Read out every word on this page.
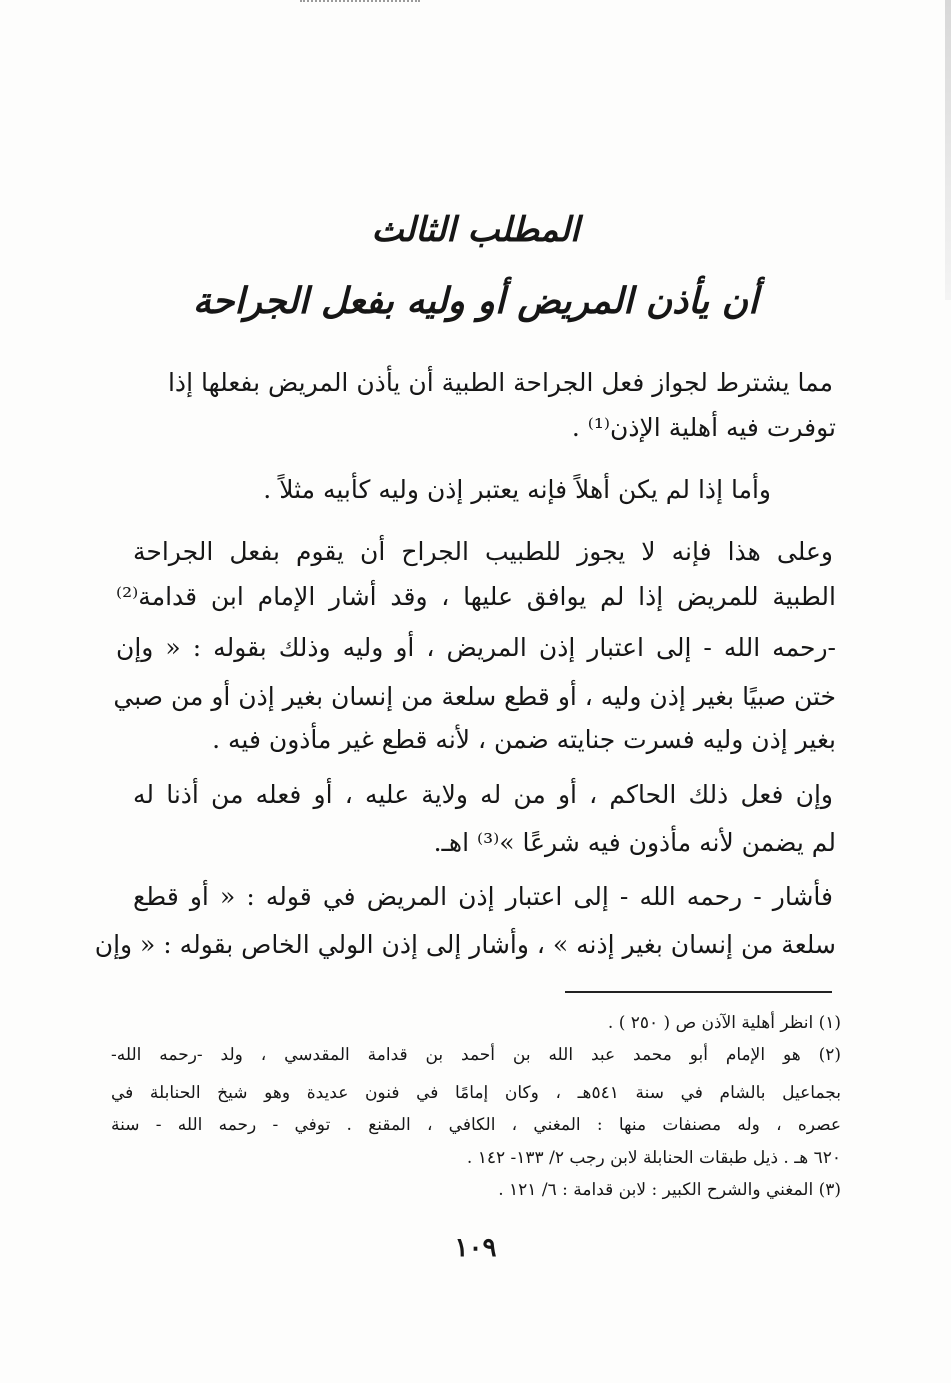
المطلب الثالث
أن يأذن المريض أو وليه بفعل الجراحة
مما يشترط لجواز فعل الجراحة الطبية أن يأذن المريض بفعلها إذا
توفرت فيه أهلية الإذن⁽¹⁾ .
وأما إذا لم يكن أهلاً فإنه يعتبر إذن وليه كأبيه مثلاً .
وعلى هذا فإنه لا يجوز للطبيب الجراح أن يقوم بفعل الجراحة
الطبية للمريض إذا لم يوافق عليها ، وقد أشار الإمام ابن قدامة⁽²⁾
-رحمه الله - إلى اعتبار إذن المريض ، أو وليه وذلك بقوله : « وإن
ختن صبيًا بغير إذن وليه ، أو قطع سلعة من إنسان بغير إذن أو من صبي
بغير إذن وليه فسرت جنايته ضمن ، لأنه قطع غير مأذون فيه .
وإن فعل ذلك الحاكم ، أو من له ولاية عليه ، أو فعله من أذنا له
لم يضمن لأنه مأذون فيه شرعًا »⁽³⁾ اهـ.
فأشار - رحمه الله - إلى اعتبار إذن المريض في قوله : « أو قطع
سلعة من إنسان بغير إذنه » ، وأشار إلى إذن الولي الخاص بقوله : « وإن
(١) انظر أهلية الآذن ص ( ٢٥٠ ) .
(٢) هو الإمام أبو محمد عبد الله بن أحمد بن قدامة المقدسي ، ولد -رحمه الله-
بجماعيل بالشام في سنة ٥٤١هـ ، وكان إمامًا في فنون عديدة وهو شيخ الحنابلة في
عصره ، وله مصنفات منها : المغني ، الكافي ، المقنع . توفي - رحمه الله - سنة
٦٢٠ هـ . ذيل طبقات الحنابلة لابن رجب ٢/ ١٣٣- ١٤٢ .
(٣) المغني والشرح الكبير : لابن قدامة : ٦/ ١٢١ .
١٠٩
